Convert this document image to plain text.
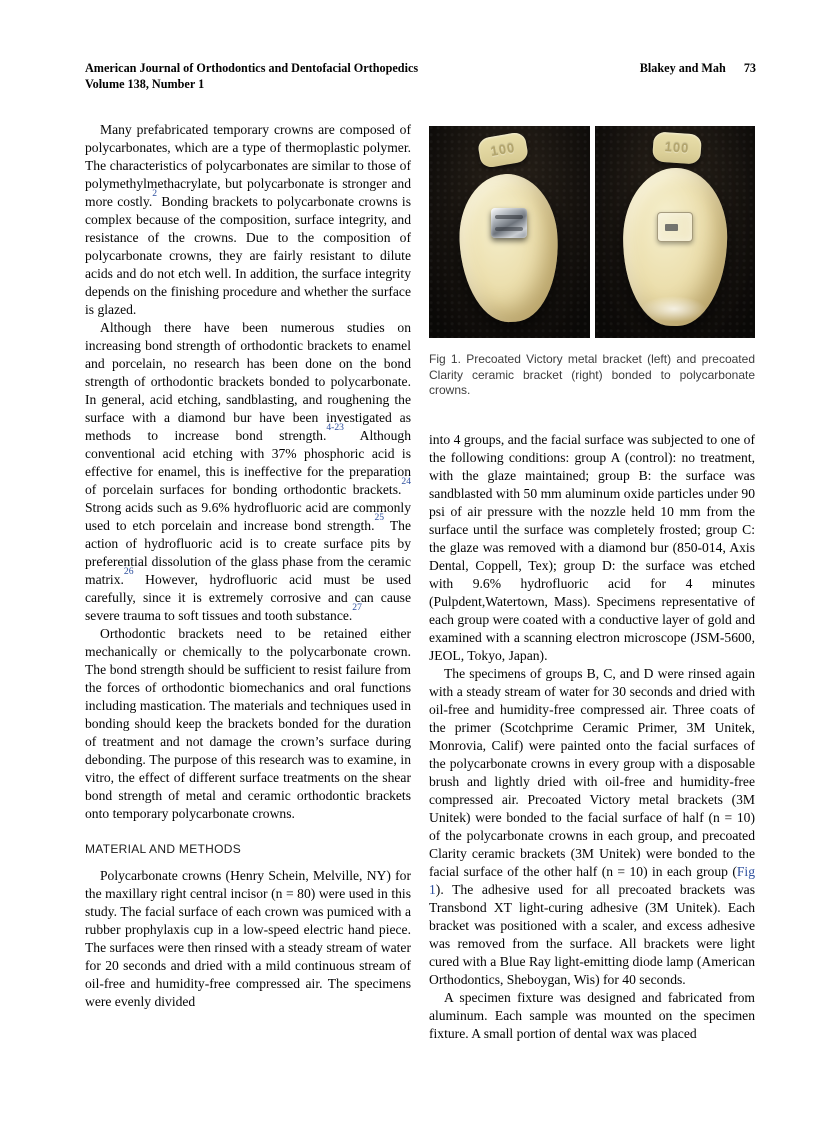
American Journal of Orthodontics and Dentofacial Orthopedics
Volume 138, Number 1
Blakey and Mah 73

Many prefabricated temporary crowns are composed of polycarbonates, which are a type of thermoplastic polymer. The characteristics of polycarbonates are similar to those of polymethylmethacrylate, but polycarbonate is stronger and more costly.$^2$ Bonding brackets to polycarbonate crowns is complex because of the composition, surface integrity, and resistance of the crowns. Due to the composition of polycarbonate crowns, they are fairly resistant to dilute acids and do not etch well. In addition, the surface integrity depends on the finishing procedure and whether the surface is glazed.

Although there have been numerous studies on increasing bond strength of orthodontic brackets to enamel and porcelain, no research has been done on the bond strength of orthodontic brackets bonded to polycarbonate. In general, acid etching, sandblasting, and roughening the surface with a diamond bur have been investigated as methods to increase bond strength.$^{4-23}$ Although conventional acid etching with 37% phosphoric acid is effective for enamel, this is ineffective for the preparation of porcelain surfaces for bonding orthodontic brackets.$^{24}$ Strong acids such as 9.6% hydrofluoric acid are commonly used to etch porcelain and increase bond strength.$^{25}$ The action of hydrofluoric acid is to create surface pits by preferential dissolution of the glass phase from the ceramic matrix.$^{26}$ However, hydrofluoric acid must be used carefully, since it is extremely corrosive and can cause severe trauma to soft tissues and tooth substance.$^{27}$

Orthodontic brackets need to be retained either mechanically or chemically to the polycarbonate crown. The bond strength should be sufficient to resist failure from the forces of orthodontic biomechanics and oral functions including mastication. The materials and techniques used in bonding should keep the brackets bonded for the duration of treatment and not damage the crown’s surface during debonding. The purpose of this research was to examine, in vitro, the effect of different surface treatments on the shear bond strength of metal and ceramic orthodontic brackets onto temporary polycarbonate crowns.

MATERIAL AND METHODS

Polycarbonate crowns (Henry Schein, Melville, NY) for the maxillary right central incisor (n = 80) were used in this study. The facial surface of each crown was pumiced with a rubber prophylaxis cup in a low-speed electric hand piece. The surfaces were then rinsed with a steady stream of water for 20 seconds and dried with a mild continuous stream of oil-free and humidity-free compressed air. The specimens were evenly divided

100	100
Fig 1. Precoated Victory metal bracket (left) and precoated Clarity ceramic bracket (right) bonded to polycarbonate crowns.

into 4 groups, and the facial surface was subjected to one of the following conditions: group A (control): no treatment, with the glaze maintained; group B: the surface was sandblasted with 50 mm aluminum oxide particles under 90 psi of air pressure with the nozzle held 10 mm from the surface until the surface was completely frosted; group C: the glaze was removed with a diamond bur (850-014, Axis Dental, Coppell, Tex); group D: the surface was etched with 9.6% hydrofluoric acid for 4 minutes (Pulpdent,Watertown, Mass). Specimens representative of each group were coated with a conductive layer of gold and examined with a scanning electron microscope (JSM-5600, JEOL, Tokyo, Japan).

The specimens of groups B, C, and D were rinsed again with a steady stream of water for 30 seconds and dried with oil-free and humidity-free compressed air. Three coats of the primer (Scotchprime Ceramic Primer, 3M Unitek, Monrovia, Calif) were painted onto the facial surfaces of the polycarbonate crowns in every group with a disposable brush and lightly dried with oil-free and humidity-free compressed air. Precoated Victory metal brackets (3M Unitek) were bonded to the facial surface of half (n = 10) of the polycarbonate crowns in each group, and precoated Clarity ceramic brackets (3M Unitek) were bonded to the facial surface of the other half (n = 10) in each group (Fig 1). The adhesive used for all precoated brackets was Transbond XT light-curing adhesive (3M Unitek). Each bracket was positioned with a scaler, and excess adhesive was removed from the surface. All brackets were light cured with a Blue Ray light-emitting diode lamp (American Orthodontics, Sheboygan, Wis) for 40 seconds.

A specimen fixture was designed and fabricated from aluminum. Each sample was mounted on the specimen fixture. A small portion of dental wax was placed
